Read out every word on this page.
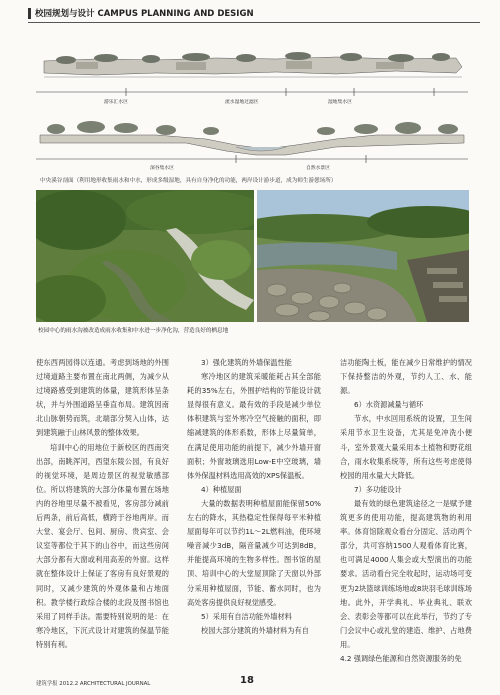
校园规划与设计 CAMPUS PLANNING AND DESIGN
游乐汇水区	流水湿地过滤区	湿地集水区
深谷集水区	自然水景区
中央溪谷剖面（利用地形收集雨水和中水，形成多级湿地，具有自身净化的功能，两岸设计游步道，成为师生游憩场所）
校园中心的雨水沟被改造成雨水收集和中水进一步净化沟，营造良好的栖息地

使东西两园得以连通。考虑到场地的外围过境道路主要布置在南北两侧，为减少从过境路感受到建筑的体量，建筑形体呈条状，并与外围道路呈垂直布局。建筑因南北山脉朝势而筑，北端部分契入山体，达到建筑融于山林风景的整体效果。

培训中心的用地位于新校区的西南突出部，南眺浑河，西望东陵公园，有良好的视觉环境，是周边景区的视觉敏感部位。所以将建筑的大部分体量布置在场地内的谷地里尽量不被看见，客房部分减前后两条，前后高低，横跨于谷地两岸。而大堂、宴会厅、包间、厨房、贵宾室、会议室等都位于其下的山谷中，而这些房间大部分都有大窗或利用高差的外窗。这样就在整体设计上保证了客房有良好景观的同时，又减少建筑的外观体量和占地面积。教学楼行政综合楼的北段及图书馆也采用了同样手法。需要特别说明的是：在寒冷地区，下沉式设计对建筑的保温节能特别有利。

3）强化建筑的外墙保温性能

寒冷地区的建筑采暖能耗占其全部能耗的35%左右，外围护结构的节能设计就显得很有意义。最有效的手段是减少单位体积建筑与室外寒冷空气接触的面积，即缩减建筑的体形系数，形体上尽量简单，在满足使用功能的前提下，减少外墙开窗面积；外窗玻璃选用Low-E中空玻璃，墙体外保温材料选用高效的XPS保温板。

4）种植屋面

大量的数据表明种植屋面能保留50%左右的降水，其热稳定性保得每平米种植屋面每年可以节约1L～2L燃料油，使环境噪音减少3dB，隔音量减少可达到8dB，并能提高环境的生物多样性。图书馆的屋顶、培训中心的大堂屋顶除了天窗以外部分采用种植屋面，节能、蓄水同时，也为高处客房提供良好视觉感受。

5）采用有自洁功能外墙材料

校园大部分建筑的外墙材料为有自

洁功能陶土板，能在减少日常维护的情况下保持整洁的外观，节约人工、水、能源。

6）水资源减量与循环

节水，中水回用系统的设置，卫生间采用节水卫生设备，尤其是免冲洗小便斗，室外景观大量采用本土植物和野花组合，雨水收集系统等，所有这些考虑使得校园的用水量大大降低。

7）多功能设计

最有效的绿色建筑途径之一是赋予建筑更多的使用功能，提高建筑物的利用率。体育馆除观众看台分固定、活动两个部分，共可容纳1500人观看体育比赛，也可满足4000人集会或大型演出的功能要求。活动看台完全收起时，运动场可变更为2块篮球训练场地或8块羽毛球训练场地。此外，开学典礼、毕业典礼、联欢会、表彰会等都可以在此举行，节约了专门会议中心或礼堂的建造、维护、占地费用。

4.2 强调绿色能源和自然资源服务的免

建筑学报 2012.2 ARCHITECTURAL JOURNAL	18
